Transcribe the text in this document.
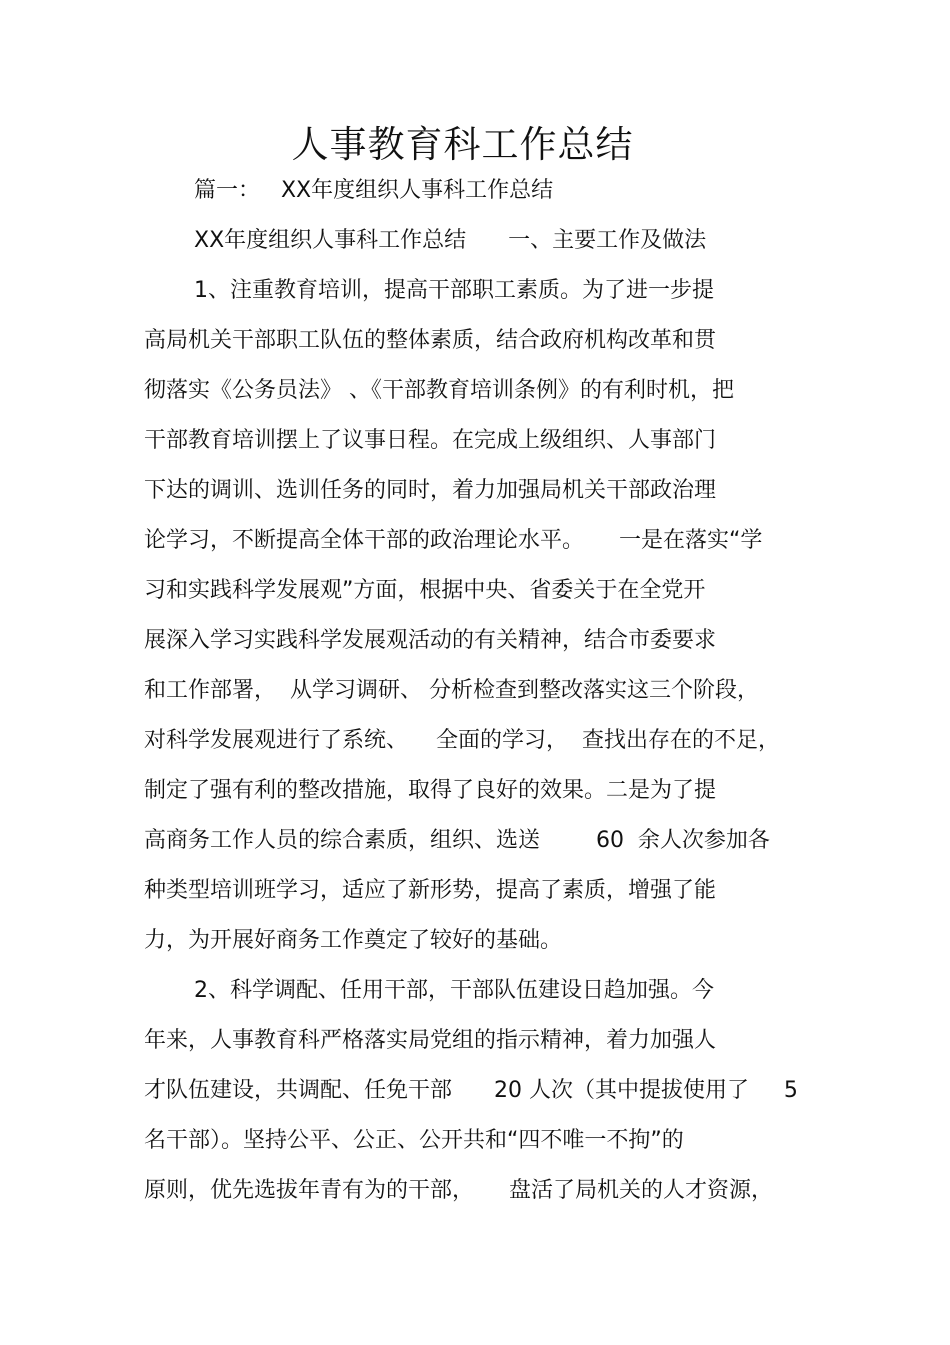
人事教育科工作总结

篇一：   XX年度组织人事科工作总结

XX年度组织人事科工作总结      一、主要工作及做法

1、注重教育培训，提高干部职工素质。为了进一步提

高局机关干部职工队伍的整体素质，结合政府机构改革和贯

彻落实《公务员法》 、《干部教育培训条例》的有利时机，把

干部教育培训摆上了议事日程。在完成上级组织、人事部门

下达的调训、选训任务的同时，着力加强局机关干部政治理

论学习，不断提高全体干部的政治理论水平。     一是在落实“学

习和实践科学发展观”方面，根据中央、省委关于在全党开

展深入学习实践科学发展观活动的有关精神，结合市委要求

和工作部署，  从学习调研、 分析检查到整改落实这三个阶段，

对科学发展观进行了系统、    全面的学习，  查找出存在的不足，

制定了强有利的整改措施，取得了良好的效果。二是为了提

高商务工作人员的综合素质，组织、选送        60  余人次参加各

种类型培训班学习，适应了新形势，提高了素质，增强了能

力，为开展好商务工作奠定了较好的基础。

2、科学调配、任用干部，干部队伍建设日趋加强。今

年来，人事教育科严格落实局党组的指示精神，着力加强人

才队伍建设，共调配、任免干部      20 人次（其中提拔使用了     5

名干部）。坚持公平、公正、公开共和“四不唯一不拘”的

原则，优先选拔年青有为的干部，     盘活了局机关的人才资源，
